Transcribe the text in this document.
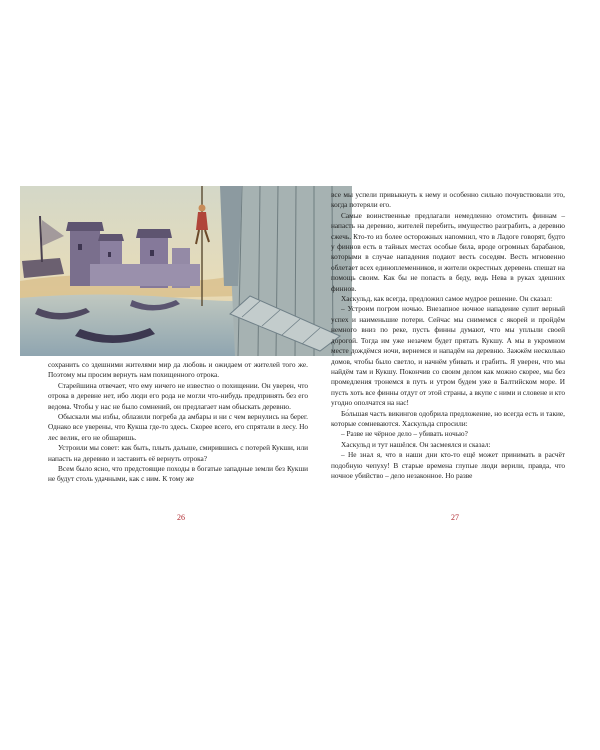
сохранить со здешними жителями мир да любовь и ожидаем от жителей того же. Поэтому мы просим вернуть нам похищенного отрока.

Старейшина отвечает, что ему ничего не известно о похищении. Он уверен, что отрока в деревне нет, ибо люди его рода не могли что-нибудь предпринять без его ведома. Чтобы у нас не было сомнений, он предлагает нам обыскать деревню.

Обыскали мы избы, облазили погреба да амбары и ни с чем вернулись на берег. Однако все уверены, что Кукша где-то здесь. Скорее всего, его спрятали в лесу. Но лес велик, его не обшаришь.

Устроили мы совет: как быть, плыть дальше, смирившись с потерей Кукши, или напасть на деревню и заставить её вернуть отрока?

Всем было ясно, что предстоящие походы в богатые западные земли без Кукши не будут столь удачными, как с ним. К тому же

26

все мы успели привыкнуть к нему и особенно сильно почувствовали это, когда потеряли его.

Самые воинственные предлагали немедленно отомстить финнам – напасть на деревню, жителей перебить, имущество разграбить, а деревню сжечь. Кто-то из более осторожных напомнил, что в Ладоге говорят, будто у финнов есть в тайных местах особые била, вроде огромных барабанов, которыми в случае нападения подают весть соседям. Весть мгновенно облетает всех единоплеменников, и жители окрестных деревень спешат на помощь своим. Как бы не попасть в беду, ведь Нева в руках здешних финнов.

Хаскульд, как всегда, предложил самое мудрое решение. Он сказал:

– Устроим погром ночью. Внезапное ночное нападение сулит верный успех и наименьшие потери. Сейчас мы снимемся с якорей и пройдём немного вниз по реке, пусть финны думают, что мы уплыли своей дорогой. Тогда им уже незачем будет прятать Кукшу. А мы в укромном месте дождёмся ночи, вернемся и нападём на деревню. Зажжём несколько домов, чтобы было светло, и начнём убивать и грабить. Я уверен, что мы найдём там и Кукшу. Покончив со своим делом как можно скорее, мы без промедления тронемся в путь и утром будем уже в Балтийском море. И пусть хоть все финны отдут от этой страны, а вкупе с ними и словене и кто угодно ополчатся на нас!

Бо́льшая часть викингов одобрила предложение, но всегда есть и такие, которые сомневаются. Хаскульда спросили:

– Разве не чёрное дело – убивать ночью?

Хаскульд и тут нашёлся. Он засмеялся и сказал:

– Не знал я, что в наши дни кто-то ещё может принимать в расчёт подобную чепуху! В старые времена глупые люди верили, правда, что ночное убийство – дело незаконное. Но разве

27
